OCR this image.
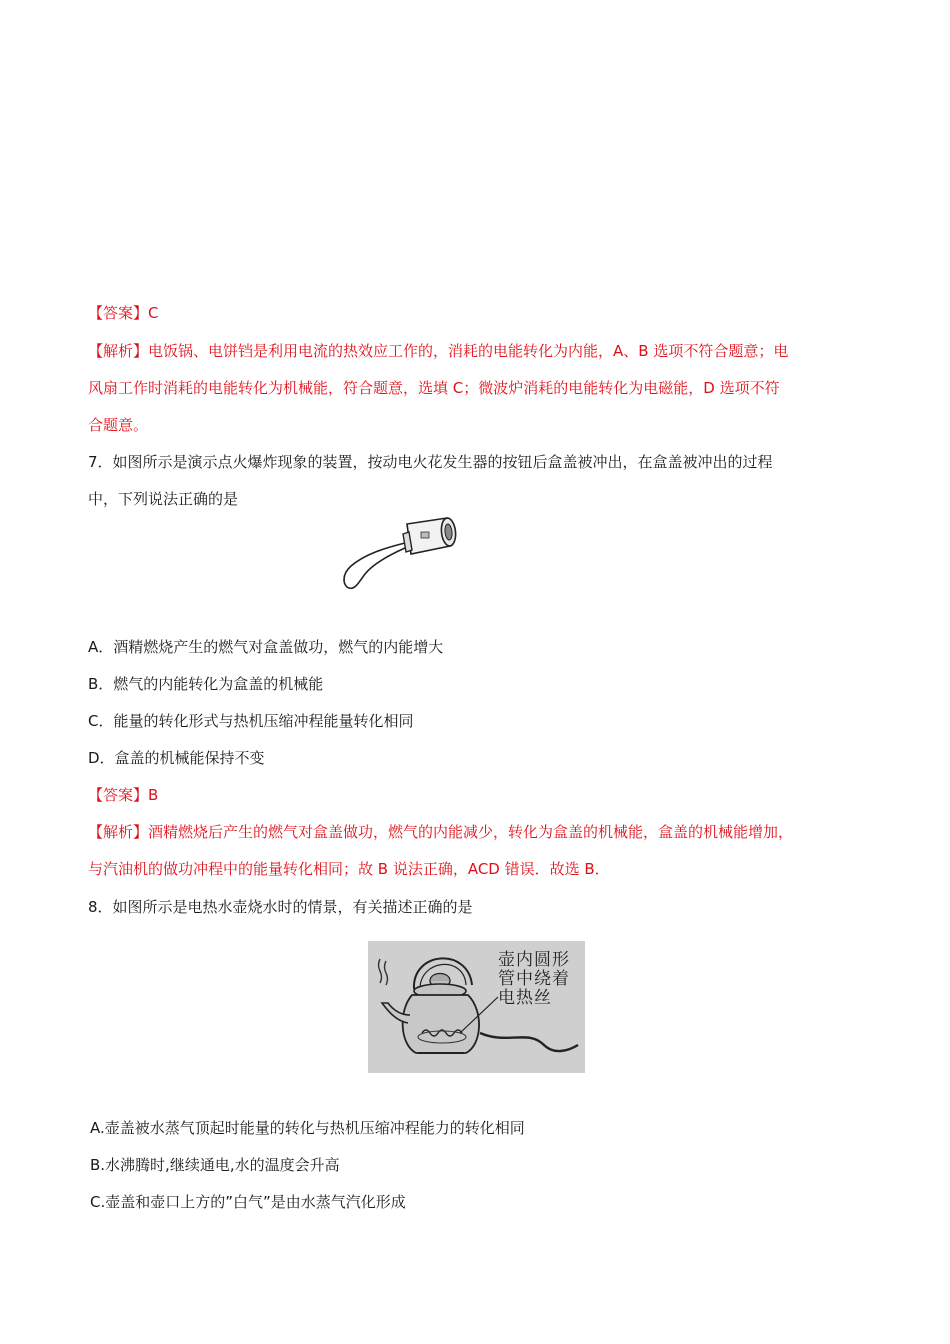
【答案】C
【解析】电饭锅、电饼铛是利用电流的热效应工作的，消耗的电能转化为内能，A、B 选项不符合题意；电
风扇工作时消耗的电能转化为机械能，符合题意，选填 C；微波炉消耗的电能转化为电磁能，D 选项不符
合题意。
7．如图所示是演示点火爆炸现象的装置，按动电火花发生器的按钮后盒盖被冲出，在盒盖被冲出的过程
中，下列说法正确的是
A．酒精燃烧产生的燃气对盒盖做功，燃气的内能增大
B．燃气的内能转化为盒盖的机械能
C．能量的转化形式与热机压缩冲程能量转化相同
D．盒盖的机械能保持不变
【答案】B
【解析】酒精燃烧后产生的燃气对盒盖做功，燃气的内能减少，转化为盒盖的机械能，盒盖的机械能增加，
与汽油机的做功冲程中的能量转化相同；故 B 说法正确，ACD 错误．故选 B．
8．如图所示是电热水壶烧水时的情景，有关描述正确的是
壶内圆形
管中绕着
电热丝
A.壶盖被水蒸气顶起时能量的转化与热机压缩冲程能力的转化相同
B.水沸腾时,继续通电,水的温度会升高
C.壶盖和壶口上方的”白气”是由水蒸气汽化形成
